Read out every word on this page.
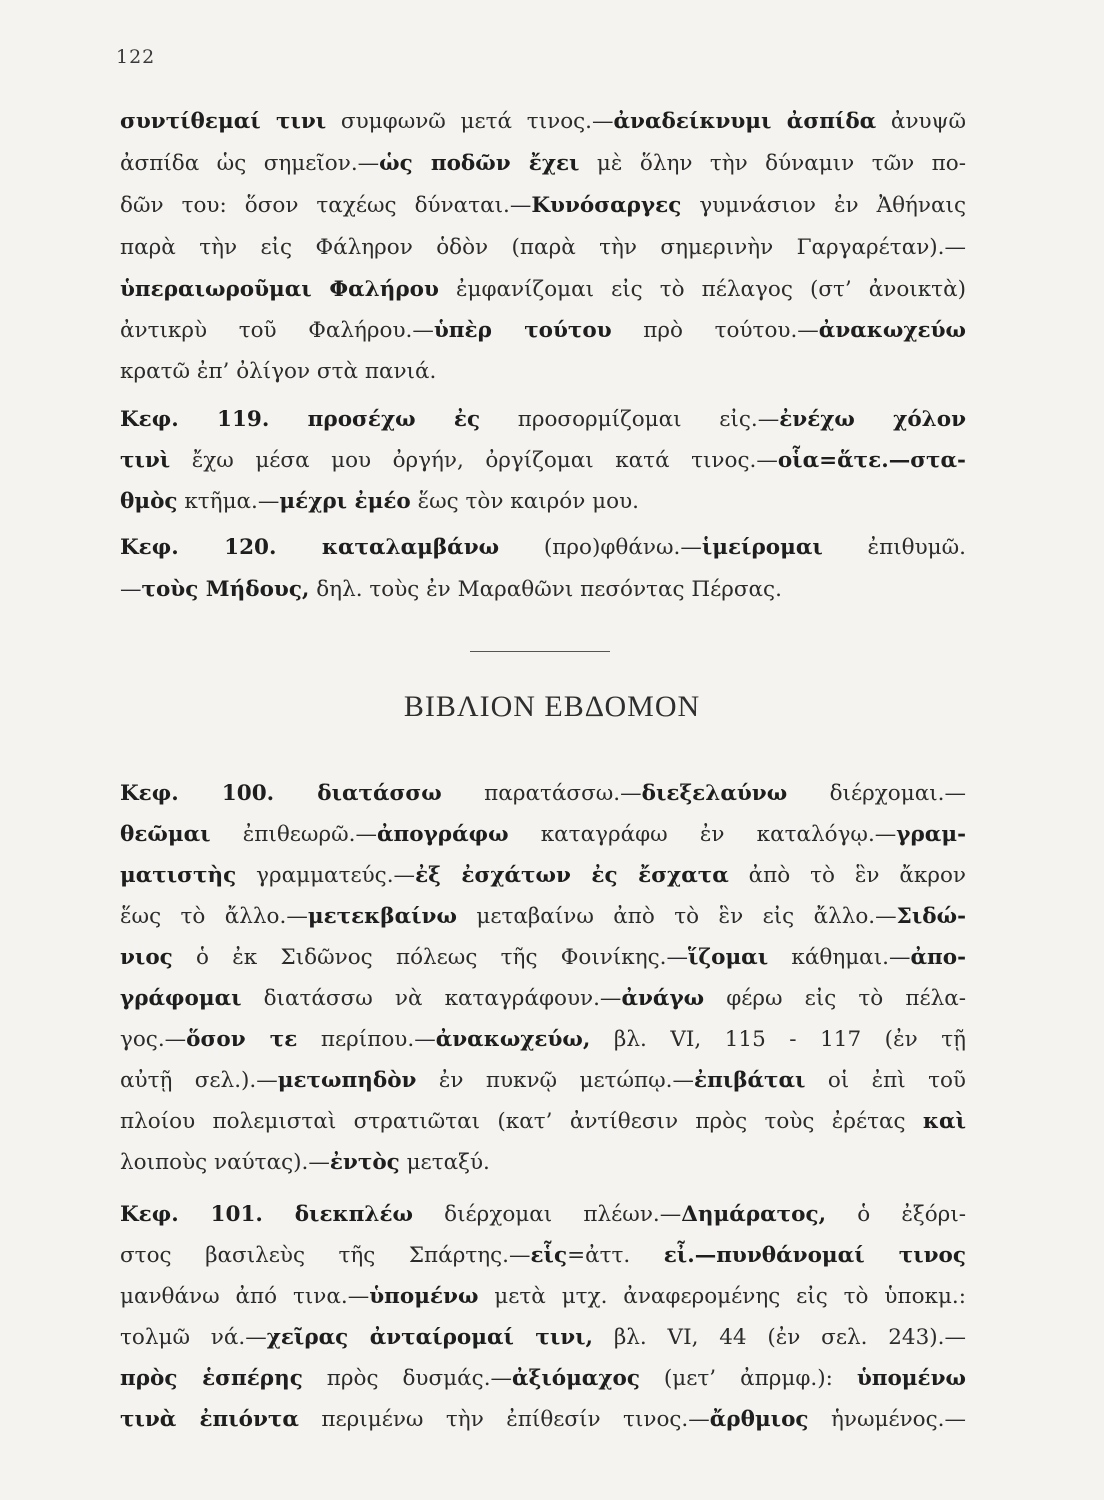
122
συντίθεμαί τινι συμφωνῶ μετά τινος.—ἀναδείκνυμι ἀσπίδα ἀνυψῶ
ἀσπίδα ὡς σημεῖον.—ὡς ποδῶν ἔχει μὲ ὅλην τὴν δύναμιν τῶν πο-
δῶν του: ὅσον ταχέως δύναται.—Κυνόσαργες γυμνάσιον ἐν Ἀθήναις
παρὰ τὴν εἰς Φάληρον ὁδὸν (παρὰ τὴν σημερινὴν Γαργαρέταν).—
ὑπεραιωροῦμαι Φαλήρου ἐμφανίζομαι εἰς τὸ πέλαγος (στ’ ἀνοικτὰ)
ἀντικρὺ τοῦ Φαλήρου.—ὑπὲρ τούτου πρὸ τούτου.—ἀνακωχεύω
κρατῶ ἐπ’ ὀλίγον στὰ πανιά.
Κεφ. 119. προσέχω ἐς προσορμίζομαι εἰς.—ἐνέχω χόλον
τινὶ ἔχω μέσα μου ὀργήν, ὀργίζομαι κατά τινος.—οἷα=ἅτε.—στα-
θμὸς κτῆμα.—μέχρι ἐμέο ἕως τὸν καιρόν μου.
Κεφ. 120. καταλαμβάνω (προ)φθάνω.—ἱμείρομαι ἐπιθυμῶ.
—τοὺς Μήδους, δηλ. τοὺς ἐν Μαραθῶνι πεσόντας Πέρσας.
ΒΙΒΛΙΟΝ ΕΒΔΟΜΟΝ
Κεφ. 100. διατάσσω παρατάσσω.—διεξελαύνω διέρχομαι.—
θεῶμαι ἐπιθεωρῶ.—ἀπογράφω καταγράφω ἐν καταλόγῳ.—γραμ-
ματιστὴς γραμματεύς.—ἐξ ἐσχάτων ἐς ἔσχατα ἀπὸ τὸ ἓν ἄκρον
ἕως τὸ ἄλλο.—μετεκβαίνω μεταβαίνω ἀπὸ τὸ ἓν εἰς ἄλλο.—Σιδώ-
νιος ὁ ἐκ Σιδῶνος πόλεως τῆς Φοινίκης.—ἵζομαι κάθημαι.—ἀπο-
γράφομαι διατάσσω νὰ καταγράφουν.—ἀνάγω φέρω εἰς τὸ πέλα-
γος.—ὅσον τε περίπου.—ἀνακωχεύω, βλ. VI, 115 - 117 (ἐν τῇ
αὐτῇ σελ.).—μετωπηδὸν ἐν πυκνῷ μετώπῳ.—ἐπιβάται οἱ ἐπὶ τοῦ
πλοίου πολεμισταὶ στρατιῶται (κατ’ ἀντίθεσιν πρὸς τοὺς ἐρέτας καὶ
λοιποὺς ναύτας).—ἐντὸς μεταξύ.
Κεφ. 101. διεκπλέω διέρχομαι πλέων.—Δημάρατος, ὁ ἐξόρι-
στος βασιλεὺς τῆς Σπάρτης.—εἷς=ἀττ. εἶ.—πυνθάνομαί τινος
μανθάνω ἀπό τινα.—ὑπομένω μετὰ μτχ. ἀναφερομένης εἰς τὸ ὑποκμ.:
τολμῶ νά.—χεῖρας ἀνταίρομαί τινι, βλ. VI, 44 (ἐν σελ. 243).—
πρὸς ἑσπέρης πρὸς δυσμάς.—ἀξιόμαχος (μετ’ ἀπρμφ.): ὑπομένω
τινὰ ἐπιόντα περιμένω τὴν ἐπίθεσίν τινος.—ἄρθμιος ἡνωμένος.—
